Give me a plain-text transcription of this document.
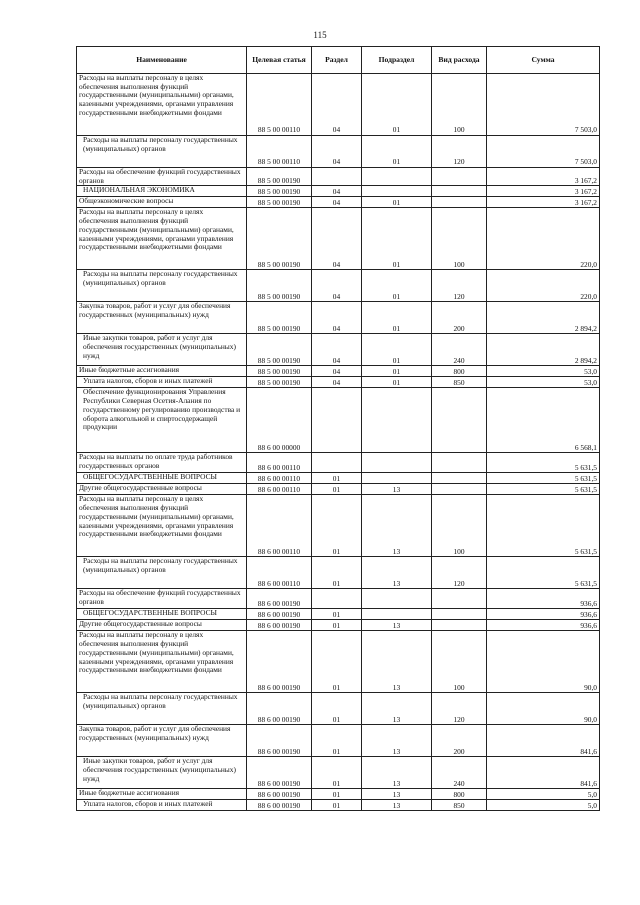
115
Наименование	Целевая статья	Раздел	Подраздел	Вид расхода	Сумма
Расходы на выплаты персоналу в целях обеспечения выполнения функций государственными (муниципальными) органами, казенными учреждениями, органами управления государственными внебюджетными фондами	88 5 00 00110	04	01	100	7 503,0
Расходы на выплаты персоналу государственных (муниципальных) органов	88 5 00 00110	04	01	120	7 503,0
Расходы на обеспечение функций государственных органов	88 5 00 00190				3 167,2
НАЦИОНАЛЬНАЯ ЭКОНОМИКА	88 5 00 00190	04			3 167,2
Общеэкономические вопросы	88 5 00 00190	04	01		3 167,2
Расходы на выплаты персоналу в целях обеспечения выполнения функций государственными (муниципальными) органами, казенными учреждениями, органами управления государственными внебюджетными фондами	88 5 00 00190	04	01	100	220,0
Расходы на выплаты персоналу государственных (муниципальных) органов	88 5 00 00190	04	01	120	220,0
Закупка товаров, работ и услуг для обеспечения государственных (муниципальных) нужд	88 5 00 00190	04	01	200	2 894,2
Иные закупки товаров, работ и услуг для обеспечения государственных (муниципальных) нужд	88 5 00 00190	04	01	240	2 894,2
Иные бюджетные ассигнования	88 5 00 00190	04	01	800	53,0
Уплата налогов, сборов и иных платежей	88 5 00 00190	04	01	850	53,0
Обеспечение функционирования Управления Республики Северная Осетия-Алания по государственному регулированию производства и оборота алкогольной и спиртосодержащей продукции	88 6 00 00000				6 568,1
Расходы на выплаты по оплате труда работников государственных органов	88 6 00 00110				5 631,5
ОБЩЕГОСУДАРСТВЕННЫЕ ВОПРОСЫ	88 6 00 00110	01			5 631,5
Другие общегосударственные вопросы	88 6 00 00110	01	13		5 631,5
Расходы на выплаты персоналу в целях обеспечения выполнения функций государственными (муниципальными) органами, казенными учреждениями, органами управления государственными внебюджетными фондами	88 6 00 00110	01	13	100	5 631,5
Расходы на выплаты персоналу государственных (муниципальных) органов	88 6 00 00110	01	13	120	5 631,5
Расходы на обеспечение функций государственных органов	88 6 00 00190				936,6
ОБЩЕГОСУДАРСТВЕННЫЕ ВОПРОСЫ	88 6 00 00190	01			936,6
Другие общегосударственные вопросы	88 6 00 00190	01	13		936,6
Расходы на выплаты персоналу в целях обеспечения выполнения функций государственными (муниципальными) органами, казенными учреждениями, органами управления государственными внебюджетными фондами	88 6 00 00190	01	13	100	90,0
Расходы на выплаты персоналу государственных (муниципальных) органов	88 6 00 00190	01	13	120	90,0
Закупка товаров, работ и услуг для обеспечения государственных (муниципальных) нужд	88 6 00 00190	01	13	200	841,6
Иные закупки товаров, работ и услуг для обеспечения государственных (муниципальных) нужд	88 6 00 00190	01	13	240	841,6
Иные бюджетные ассигнования	88 6 00 00190	01	13	800	5,0
Уплата налогов, сборов и иных платежей	88 6 00 00190	01	13	850	5,0
